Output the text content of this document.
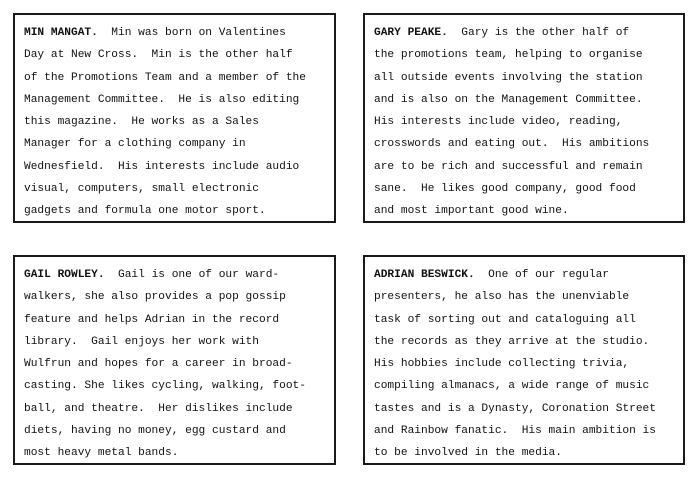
MIN MANGAT.  Min was born on Valentines
Day at New Cross.  Min is the other half
of the Promotions Team and a member of the
Management Committee.  He is also editing
this magazine.  He works as a Sales
Manager for a clothing company in
Wednesfield.  His interests include audio
visual, computers, small electronic
gadgets and formula one motor sport.
GARY PEAKE.  Gary is the other half of
the promotions team, helping to organise
all outside events involving the station
and is also on the Management Committee.
His interests include video, reading,
crosswords and eating out.  His ambitions
are to be rich and successful and remain
sane.  He likes good company, good food
and most important good wine.
GAIL ROWLEY.  Gail is one of our ward-
walkers, she also provides a pop gossip
feature and helps Adrian in the record
library.  Gail enjoys her work with
Wulfrun and hopes for a career in broad-
casting. She likes cycling, walking, foot-
ball, and theatre.  Her dislikes include
diets, having no money, egg custard and
most heavy metal bands.
ADRIAN BESWICK.  One of our regular
presenters, he also has the unenviable
task of sorting out and cataloguing all
the records as they arrive at the studio.
His hobbies include collecting trivia,
compiling almanacs, a wide range of music
tastes and is a Dynasty, Coronation Street
and Rainbow fanatic.  His main ambition is
to be involved in the media.
